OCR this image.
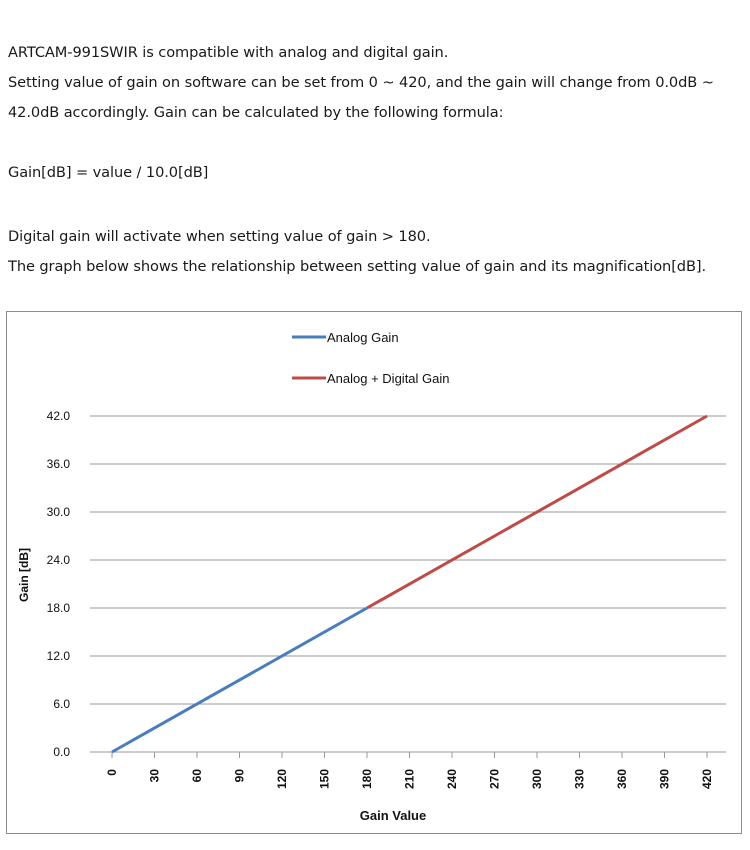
ARTCAM-991SWIR is compatible with analog and digital gain.
Setting value of gain on software can be set from 0 ~ 420, and the gain will change from 0.0dB ~
42.0dB accordingly. Gain can be calculated by the following formula:
Gain[dB] = value / 10.0[dB]
Digital gain will activate when setting value of gain > 180.
The graph below shows the relationship between setting value of gain and its magnification[dB].
0.0
6.0
12.0
18.0
24.0
30.0
36.0
42.0
0 30 60 90 120 150 180 210 240 270 300 330 360 390 420
Analog Gain
Analog + Digital Gain
Gain Value
Gain [dB]
